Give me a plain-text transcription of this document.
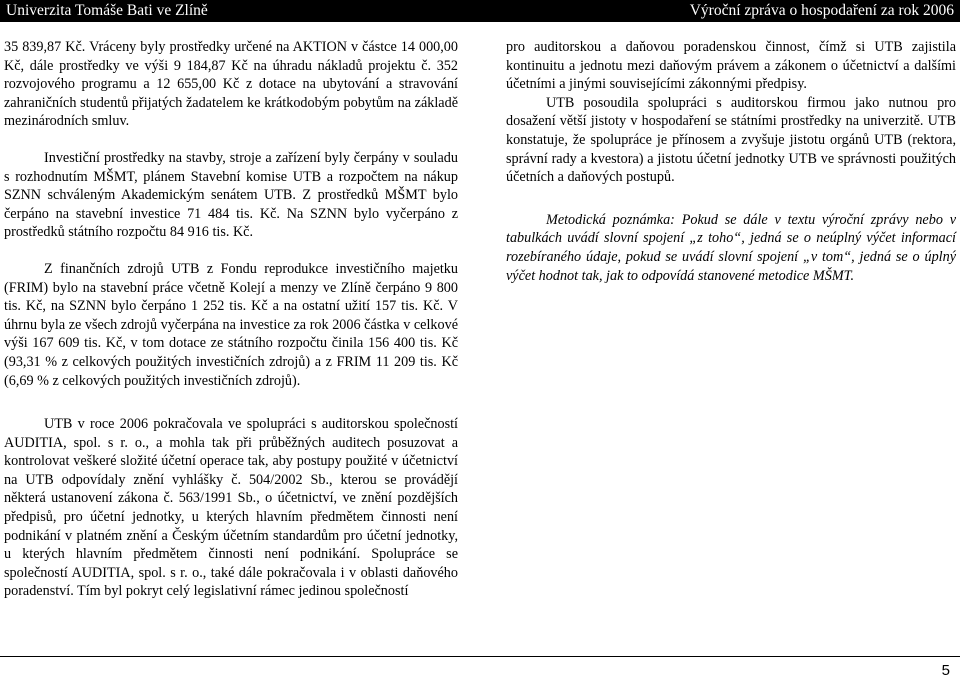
Univerzita Tomáše Bati ve Zlíně	Výroční zpráva o hospodaření za rok 2006

35 839,87 Kč. Vráceny byly prostředky určené na AKTION v částce 14 000,00 Kč, dále prostředky ve výši 9 184,87 Kč na úhradu nákladů projektu č. 352 rozvojového programu a 12 655,00 Kč z dotace na ubytování a stravování zahraničních studentů přijatých žadatelem ke krátkodobým pobytům na základě mezinárodních smluv.

Investiční prostředky na stavby, stroje a zařízení byly čerpány v souladu s rozhodnutím MŠMT, plánem Stavební komise UTB a rozpočtem na nákup SZNN schváleným Akademickým senátem UTB. Z prostředků MŠMT bylo čerpáno na stavební investice 71 484 tis. Kč. Na SZNN bylo vyčerpáno z prostředků státního rozpočtu 84 916 tis. Kč.

Z finančních zdrojů UTB z Fondu reprodukce investičního majetku (FRIM) bylo na stavební práce včetně Kolejí a menzy ve Zlíně čerpáno 9 800 tis. Kč, na SZNN bylo čerpáno 1 252 tis. Kč a na ostatní užití 157 tis. Kč. V úhrnu byla ze všech zdrojů vyčerpána na investice za rok 2006 částka v celkové výši 167 609 tis. Kč, v tom dotace ze státního rozpočtu činila 156 400 tis. Kč (93,31 % z celkových použitých investičních zdrojů) a z FRIM 11 209 tis. Kč (6,69 % z celkových použitých investičních zdrojů).

UTB v roce 2006 pokračovala ve spolupráci s auditorskou společností AUDITIA, spol. s r. o., a mohla tak při průběžných auditech posuzovat a kontrolovat veškeré složité účetní operace tak, aby postupy použité v účetnictví na UTB odpovídaly znění vyhlášky č. 504/2002 Sb., kterou se provádějí některá ustanovení zákona č. 563/1991 Sb., o účetnictví, ve znění pozdějších předpisů, pro účetní jednotky, u kterých hlavním předmětem činnosti není podnikání v platném znění a Českým účetním standardům pro účetní jednotky, u kterých hlavním předmětem činnosti není podnikání. Spolupráce se společností AUDITIA, spol. s r. o., také dále pokračovala i v oblasti daňového poradenství. Tím byl pokryt celý legislativní rámec jedinou společností

pro auditorskou a daňovou poradenskou činnost, čímž si UTB zajistila kontinuitu a jednotu mezi daňovým právem a zákonem o účetnictví a dalšími účetními a jinými souvisejícími zákonnými předpisy.

UTB posoudila spolupráci s auditorskou firmou jako nutnou pro dosažení větší jistoty v hospodaření se státními prostředky na univerzitě. UTB konstatuje, že spolupráce je přínosem a zvyšuje jistotu orgánů UTB (rektora, správní rady a kvestora) a jistotu účetní jednotky UTB ve správnosti použitých účetních a daňových postupů.

Metodická poznámka: Pokud se dále v textu výroční zprávy nebo v tabulkách uvádí slovní spojení „z toho“, jedná se o neúplný výčet informací rozebíraného údaje, pokud se uvádí slovní spojení „v tom“, jedná se o úplný výčet hodnot tak, jak to odpovídá stanovené metodice MŠMT.

5
